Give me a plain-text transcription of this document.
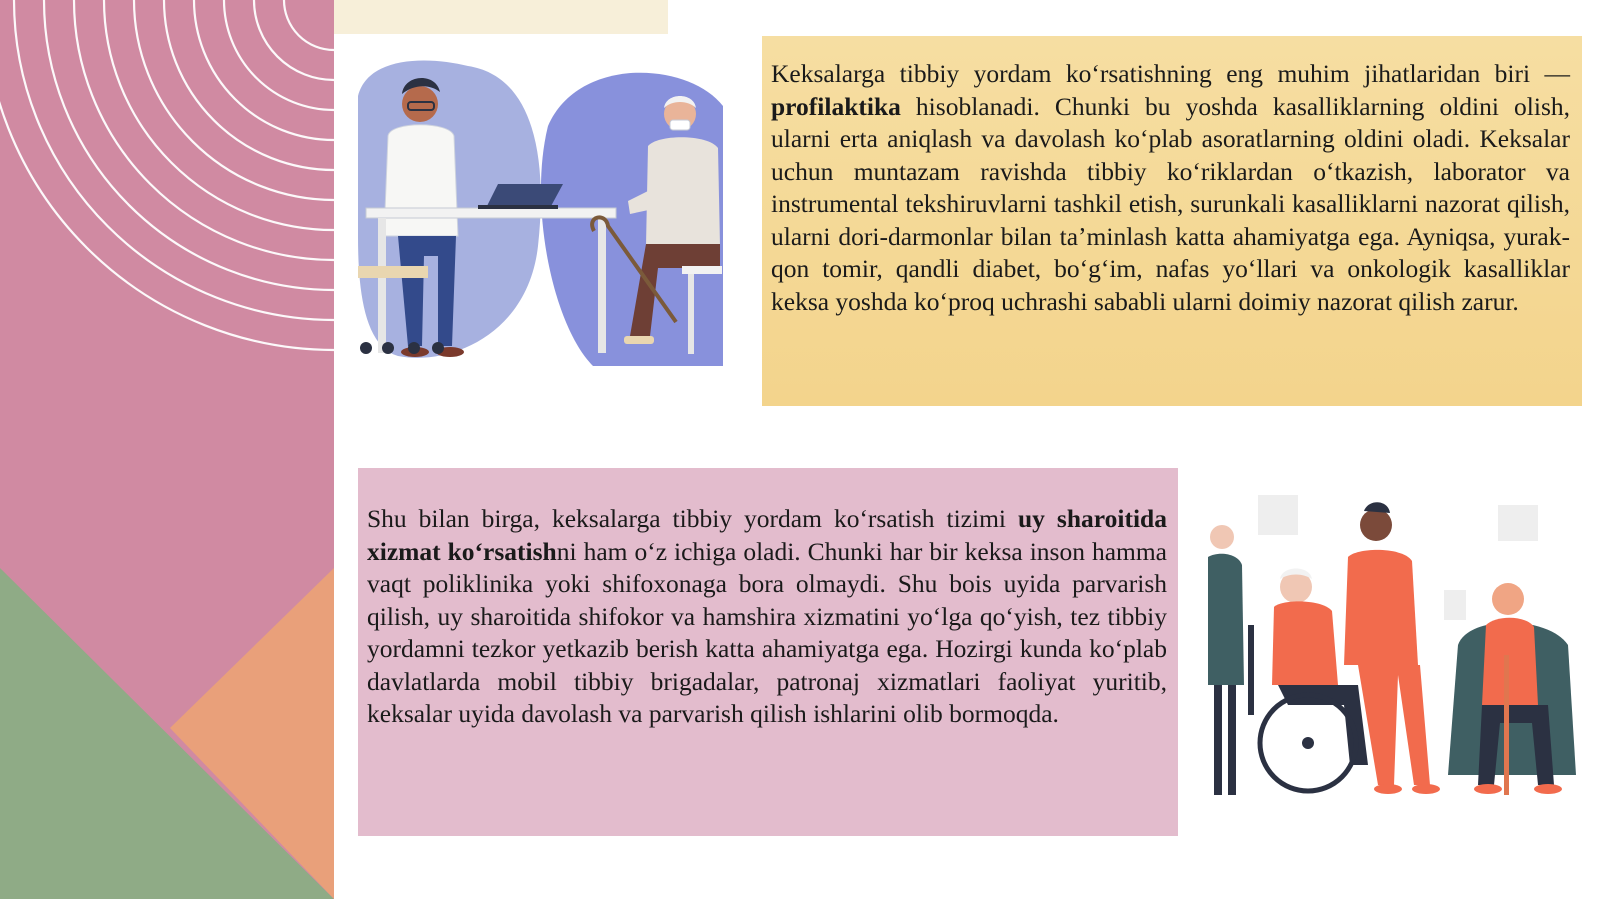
Keksalarga tibbiy yordam koʻrsatishning eng muhim jihatlaridan biri — profilaktika hisoblanadi. Chunki bu yoshda kasalliklarning oldini olish, ularni erta aniqlash va davolash koʻplab asoratlarning oldini oladi. Keksalar uchun muntazam ravishda tibbiy koʻriklardan oʻtkazish, laborator va instrumental tekshiruvlarni tashkil etish, surunkali kasalliklarni nazorat qilish, ularni dori-darmonlar bilan taʼminlash katta ahamiyatga ega. Ayniqsa, yurak-qon tomir, qandli diabet, boʻgʻim, nafas yoʻllari va onkologik kasalliklar keksa yoshda koʻproq uchrashi sababli ularni doimiy nazorat qilish zarur.
Shu bilan birga, keksalarga tibbiy yordam koʻrsatish tizimi uy sharoitida xizmat koʻrsatishni ham oʻz ichiga oladi. Chunki har bir keksa inson hamma vaqt poliklinika yoki shifoxonaga bora olmaydi. Shu bois uyida parvarish qilish, uy sharoitida shifokor va hamshira xizmatini yoʻlga qoʻyish, tez tibbiy yordamni tezkor yetkazib berish katta ahamiyatga ega. Hozirgi kunda koʻplab davlatlarda mobil tibbiy brigadalar, patronaj xizmatlari faoliyat yuritib, keksalar uyida davolash va parvarish qilish ishlarini olib bormoqda.
